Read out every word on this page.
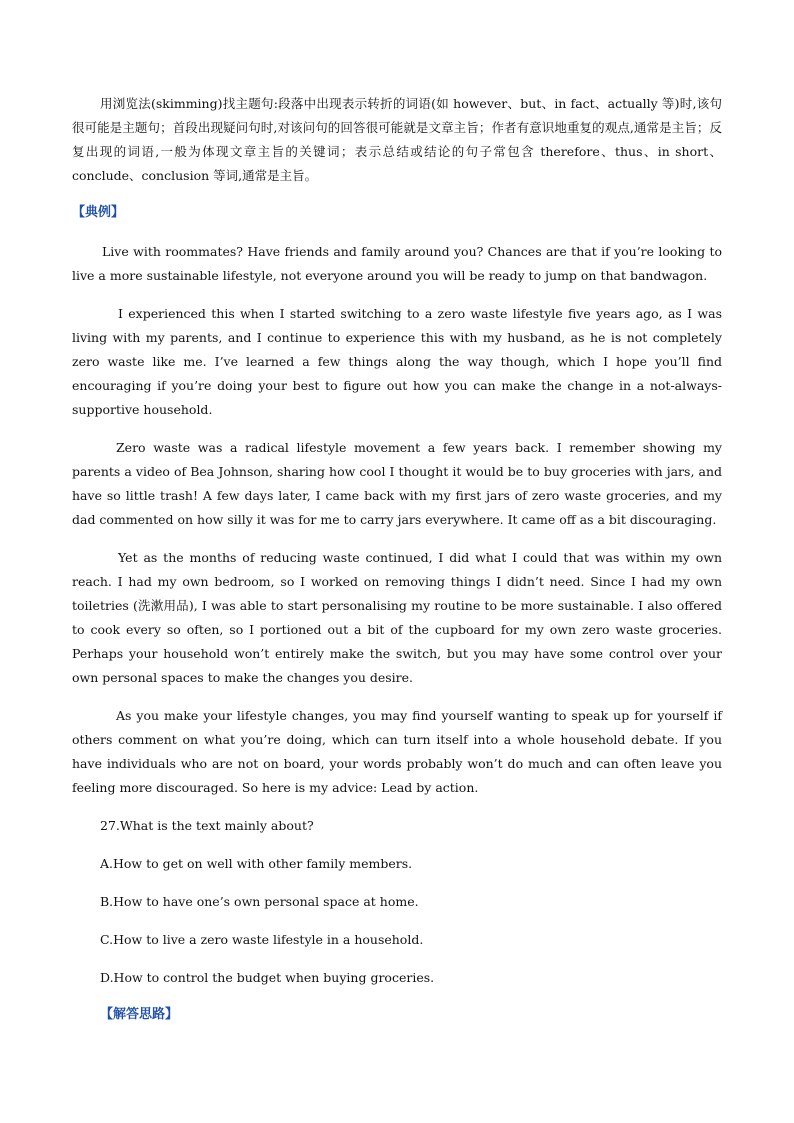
用浏览法(skimming)找主题句:段落中出现表示转折的词语(如 however、but、in fact、actually 等)时,该句很可能是主题句；首段出现疑问句时,对该问句的回答很可能就是文章主旨；作者有意识地重复的观点,通常是主旨；反复出现的词语,一般为体现文章主旨的关键词；表示总结或结论的句子常包含 therefore、thus、in short、conclude、conclusion 等词,通常是主旨。

【典例】

Live with roommates? Have friends and family around you? Chances are that if you’re looking to live a more sustainable lifestyle, not everyone around you will be ready to jump on that bandwagon.

I experienced this when I started switching to a zero waste lifestyle five years ago, as I was living with my parents, and I continue to experience this with my husband, as he is not completely zero waste like me. I’ve learned a few things along the way though, which I hope you’ll find encouraging if you’re doing your best to figure out how you can make the change in a not-always-supportive household.

Zero waste was a radical lifestyle movement a few years back. I remember showing my parents a video of Bea Johnson, sharing how cool I thought it would be to buy groceries with jars, and have so little trash! A few days later, I came back with my first jars of zero waste groceries, and my dad commented on how silly it was for me to carry jars everywhere. It came off as a bit discouraging.

Yet as the months of reducing waste continued, I did what I could that was within my own reach. I had my own bedroom, so I worked on removing things I didn’t need. Since I had my own toiletries (洗漱用品), I was able to start personalising my routine to be more sustainable. I also offered to cook every so often, so I portioned out a bit of the cupboard for my own zero waste groceries. Perhaps your household won’t entirely make the switch, but you may have some control over your own personal spaces to make the changes you desire.

As you make your lifestyle changes, you may find yourself wanting to speak up for yourself if others comment on what you’re doing, which can turn itself into a whole household debate. If you have individuals who are not on board, your words probably won’t do much and can often leave you feeling more discouraged. So here is my advice: Lead by action.

27.What is the text mainly about?

A.How to get on well with other family members.

B.How to have one’s own personal space at home.

C.How to live a zero waste lifestyle in a household.

D.How to control the budget when buying groceries.

【解答思路】
